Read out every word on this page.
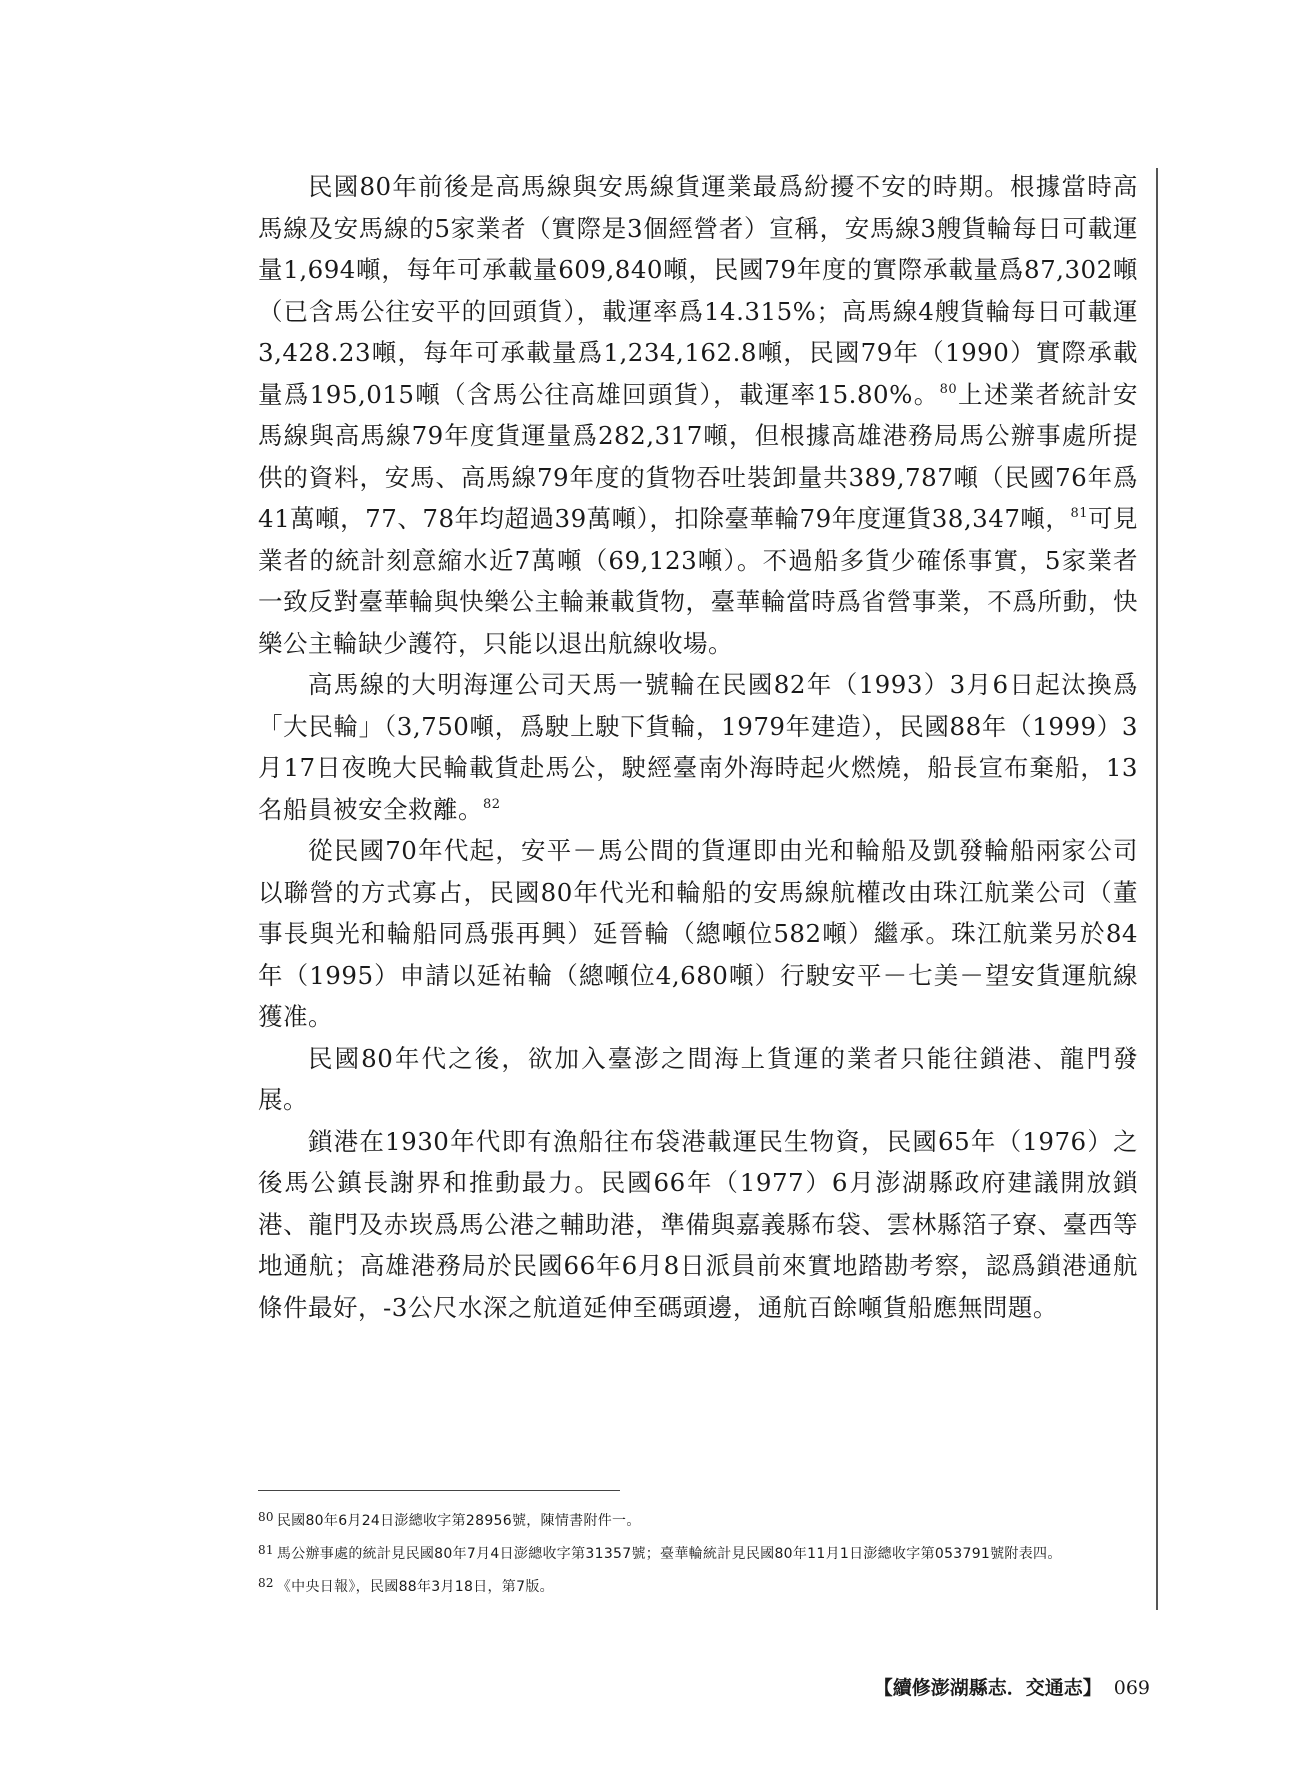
民國80年前後是高馬線與安馬線貨運業最爲紛擾不安的時期。根據當時高馬線及安馬線的5家業者（實際是3個經營者）宣稱，安馬線3艘貨輪每日可載運量1,694噸，每年可承載量609,840噸，民國79年度的實際承載量爲87,302噸（已含馬公往安平的回頭貨），載運率爲14.315%；高馬線4艘貨輪每日可載運3,428.23噸，每年可承載量爲1,234,162.8噸，民國79年（1990）實際承載量爲195,015噸（含馬公往高雄回頭貨），載運率15.80%。$^{80}$上述業者統計安馬線與高馬線79年度貨運量爲282,317噸，但根據高雄港務局馬公辦事處所提供的資料，安馬、高馬線79年度的貨物吞吐裝卸量共389,787噸（民國76年爲41萬噸，77、78年均超過39萬噸），扣除臺華輪79年度運貨38,347噸，$^{81}$可見業者的統計刻意縮水近7萬噸（69,123噸）。不過船多貨少確係事實，5家業者一致反對臺華輪與快樂公主輪兼載貨物，臺華輪當時爲省營事業，不爲所動，快樂公主輪缺少護符，只能以退出航線收場。

高馬線的大明海運公司天馬一號輪在民國82年（1993）3月6日起汰換爲「大民輪」（3,750噸，爲駛上駛下貨輪，1979年建造），民國88年（1999）3月17日夜晚大民輪載貨赴馬公，駛經臺南外海時起火燃燒，船長宣布棄船，13名船員被安全救離。$^{82}$

從民國70年代起，安平－馬公間的貨運即由光和輪船及凱發輪船兩家公司以聯營的方式寡占，民國80年代光和輪船的安馬線航權改由珠江航業公司（董事長與光和輪船同爲張再興）延晉輪（總噸位582噸）繼承。珠江航業另於84年（1995）申請以延祐輪（總噸位4,680噸）行駛安平－七美－望安貨運航線獲准。

民國80年代之後，欲加入臺澎之間海上貨運的業者只能往鎖港、龍門發展。

鎖港在1930年代即有漁船往布袋港載運民生物資，民國65年（1976）之後馬公鎮長謝界和推動最力。民國66年（1977）6月澎湖縣政府建議開放鎖港、龍門及赤崁爲馬公港之輔助港，準備與嘉義縣布袋、雲林縣箔子寮、臺西等地通航；高雄港務局於民國66年6月8日派員前來實地踏勘考察，認爲鎖港通航條件最好，-3公尺水深之航道延伸至碼頭邊，通航百餘噸貨船應無問題。

80 民國80年6月24日澎總收字第28956號，陳情書附件一。

81 馬公辦事處的統計見民國80年7月4日澎總收字第31357號；臺華輪統計見民國80年11月1日澎總收字第053791號附表四。

82 《中央日報》，民國88年3月18日，第7版。

【續修澎湖縣志．交通志】 069
